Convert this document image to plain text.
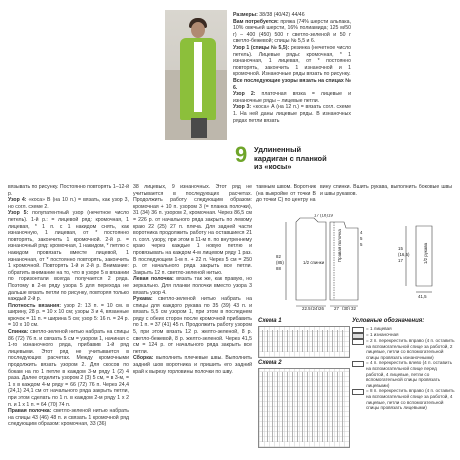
9 Удлиненный кардиган с планкой из «косы»

Размеры: 38/38 (40/42) 44/46

Вам потребуется: пряжа (74% шерсти альпака, 10% овечьей шерсти, 16% полиамида; 125 м/50 г) – 400 (450) 500 г светло-зеленой и 50 г светло-бежевой; спицы № 5,5 и 6.

Узор 1 (спицы № 5,5): резинка (нечетное число петель). Лицевые ряды: кромочная, * 1 изнаночная, 1 лицевая, от * постоянно повторять, закончить 1 изнаночной и 1 кромочной. Изнаночные ряды вязать по рисунку.

Все последующие узоры вязать на спицах № 6.

Узор 2: платочная вязка = лицевые и изнаночные ряды – лицевые петли.

Узор 3: «коса» А (на 12 п.) = вязать согл. схеме 1. На ней даны лицевые ряды. В изнаночных рядах петли вязать

вязывать по рисунку. Постоянно повторять 1–12-й р.

Узор 4: «коса» В (на 10 п.) = вязать, как узор 3, но согл. схеме 2.

Узор 5: полупатентный узор (нечетное число петель). 1-й р.: = лицевой ряд: кромочная, 1 лицевая, * 1 п. с 1 накидом снять, как изнаночную, 1 лицевая, от * постоянно повторять, закончить 1 кромочной. 2-й р. = изнаночный ряд: кромочная, 1 накидом, * петлю с накидом провязать вместе лицевой, 1 изнаночная, от * постоянно повторять, закончить 1 кромочной. Повторять 1-й и 2-й р. Внимание: обратить внимание на то, что в узоре 5 в вязании по горизонтали всегда получается 2 ряда. Поэтому в 2-м ряду узора 5 для перехода не дальше вязать петли по рисунку, повторяя только каждый 2-й р.

Плотность вязания: узор 2: 13 п. = 10 см. в ширину, 28 р. = 10 х 10 см; узоры 3 и 4, вязанные крючок = 11 п. = ширина 5 см; узор 5: 16 п. = 24 р. = 10 х 10 см.

Спинка: светло-зеленой нитью набрать на спицы 86 (72) 76 п. и связать 5 см = узором 1, начиная с 1-го изнаночного ряда, прибавив 1-й ряд лицевыми. Этот ряд не учитывается в последующих расчетах. Между кромочными продолжить вязать узором 2. Для скосов по бокам на по 1 петле в каждом 3-м ряду 1 (2) 4 раза. Далее отделить узором 2 (3) 5 см, = в 3-м, = 1 х в каждом 4-м ряду = 66 (72) 76 п. Через 24,4 (24,1) 24,1 см от начального ряда закрыть петли, при этом сделать по 1 п. в каждом 2-м ряду 1 х 2 п. и 1 х 1 п. = 64 (70) 74 п.

Правая полочка: светло-зеленой нитью набрать на спицы 43 (46) 48 п. и связать 1 кромочной ряд следующим образом: кромочная, 33 (36)

38 лицевых, 9 изнаночных. Этот ряд не учитывается в последующих расчетах. Продолжить работу следующим образом: кромочная + 10 п. узором 3 (= планка полочки), 31 (34) 36 п. узором 2, кромочная. Через 86,5 см = 226 р. от начального ряда закрыть по левому краю 22 (25) 27 п. плеча. Для задней части воротника продолжить работу на оставшиеся 21 п. согл. узору, при этом в 11-м п. по внутреннему краю через каждые 1 новую петлю и провязывать на каждом 4-м лицевом ряду 1 раз. В последующем 1-м п. + 22 п. Через 5 см = 250 р. от начального ряда закрыть все петли. Закрыть 12 п. светло-зеленой нитью.

Левая полочка: вязать так же, как правую, но зеркально. Для планки полочки вместо узора 3 вязать узор 4.

Рукава: светло-зеленой нитью набрать на спицы для каждого рукава по 35 (39) 43 п. и вязать 5,5 см узором 1, при этом в последнем ряду с обеих сторон после кромочной прибавить по 1 п. = 37 (41) 45 п. Продолжить работу узором 5, при этом вязать 12 р. желто-зеленой, 8 р. светло-бежевой, 8 р. желто-зеленой. Через 41,5 см = 124 р. от начального ряда закрыть все петли.

Сборка: выполнить плечевые швы. Выполнить задний шов воротника и пришить его задний край к вырезу горловины полочки по шву.

тамным швом. Воротник (на выкройке от точки В до точки С) по центру на

вину спинки. Вшить рукава, выполнить боковые швы и швы рукавов.

1/2 спинки
Правая полочка	1/2 рукава
17 (18) 19
82
(85)
88
22,5 (24) 26 27 (30) 32
15
(16,5)
17
41,5
4
5
5
Схема 1
Схема 2
Условные обозначения:
= 1 лицевая
= 1 изнаночная
= 2 п. перекрестить вправо (4 п. оставить на вспомогательной спице за работой, 2 лицевые, петли со вспомогательной спицы провязать изнаночными)
= 4 п. перекрестить влево (4 п. оставить на вспомогательной спице перед работой, 4 лицевые, петли со вспомогательной спицы провязать лицевыми)
= 8 п. перекрестить вправо (4 п. оставить на вспомогательной спице за работой, 4 лицевые, петли со вспомогательной спицы провязать лицевыми)
